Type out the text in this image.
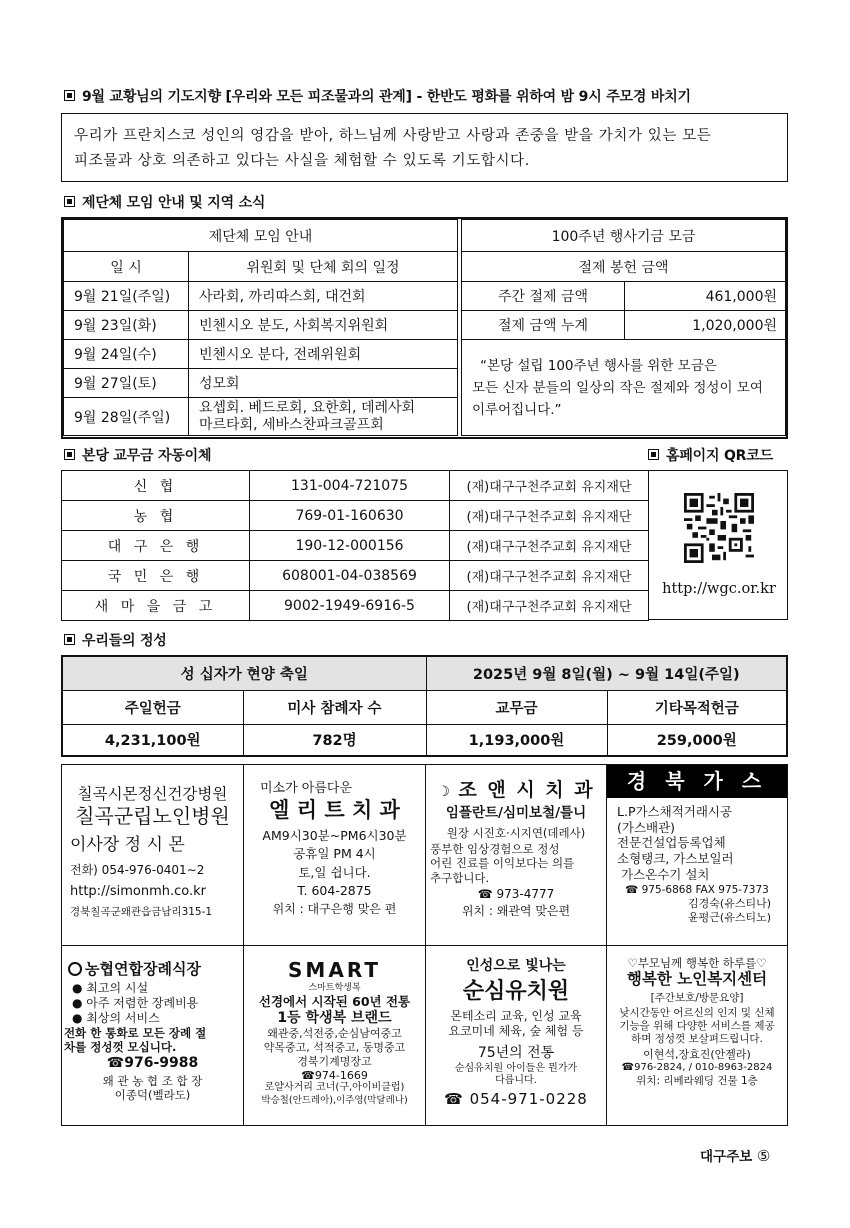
9월 교황님의 기도지향 [우리와 모든 피조물과의 관계] - 한반도 평화를 위하여 밤 9시 주모경 바치기
우리가 프란치스코 성인의 영감을 받아, 하느님께 사랑받고 사랑과 존중을 받을 가치가 있는 모든
피조물과 상호 의존하고 있다는 사실을 체험할 수 있도록 기도합시다.
제단체 모임 안내 및 지역 소식
제단체 모임 안내	
일 시	위원회 및 단체 회의 일정
9월 21일(주일)	사라회, 까리따스회, 대건회
9월 23일(화)	빈첸시오 분도, 사회복지위원회
9월 24일(수)	빈첸시오 분다, 전례위원회
9월 27일(토)	성모회
9월 28일(주일)	요셉회. 베드로회, 요한회, 데레사회
마르타회, 세바스찬파크골프회
100주년 행사기금 모금	
절제 봉헌 금액	
주간 절제 금액	461,000원
절제 금액 누계	1,020,000원

“본당 설립 100주년 행사를 위한 모금은
모든 신자 분들의 일상의 작은 절제와 정성이 모여
이루어집니다.”	
본당 교무금 자동이체	홈페이지 QR코드
신 협	131-004-721075	(재)대구구천주교회 유지재단
농 협	769-01-160630	(재)대구구천주교회 유지재단
대 구 은 행	190-12-000156	(재)대구구천주교회 유지재단
국 민 은 행	608001-04-038569	(재)대구구천주교회 유지재단
새 마 을 금 고	9002-1949-6916-5	(재)대구구천주교회 유지재단
http://wgc.or.kr
우리들의 정성
성 십자가 현양 축일		2025년 9월 8일(월) ~ 9월 14일(주일)	
주일헌금	미사 참례자 수	교무금	기타목적헌금
4,231,100원	782명	1,193,000원	259,000원
칠곡시몬정신건강병원
칠곡군립노인병원
이사장 정 시 몬
전화) 054-976-0401∼2
http://simonmh.co.kr
경북칠곡군왜관읍금남리315-1
미소가 아름다운
엘 리 트 치 과
AM9시30분~PM6시30분
공휴일 PM 4시
토,일 쉽니다.
T. 604-2875
위치 : 대구은행 맞은 편
☽ 조 앤 시 치 과
임플란트/심미보철/틀니
원장 시진호·시지연(데레사)
풍부한 임상경험으로 정성
어린 진료를 이익보다는 의를
추구합니다.
☎ 973-4777
위치 : 왜관역 맞은편
경 북 가 스
L.P가스채적거래시공
(가스배관)
전문건설업등록업체
소형탱크, 가스보일러
가스온수기 설치
☎ 975-6868 FAX 975-7373
김경숙(유스티나)
윤평근(유스티노)
농협연합장례식장
● 최고의 시설
● 아주 저렴한 장례비용
● 최상의 서비스
전화 한 통화로 모든 장례 절
차를 정성껏 모십니다.
☎976-9988
왜 관 농 협 조 합 장
이종덕(벨라도)
SMART
스마트학생복
선경에서 시작된 60년 전통
1등 학생복 브랜드
왜관중,석전중,순심남여중고
약목중고, 석적중고, 동명중고
경북기계명장고
☎974-1669
로얄사거리 코너(구,아이비클럽)
박승철(안드레아),이주영(막달레나)
인성으로 빛나는
순심유치원
몬테소리 교육, 인성 교육
요코미네 체육, 숲 체험 등
75년의 전통
순심유치원 아이들은 뭔가가
다릅니다.
☎ 054-971-0228
♡부모님께 행복한 하루를♡
행복한 노인복지센터
[주간보호/방문요양]
낮시간동안 어르신의 인지 및 신체
기능을 위해 다양한 서비스를 제공
하며 정성껏 보살펴드립니다.
이현석,장효진(안젤라)
☎976-2824, / 010-8963-2824
위치: 리베라웨딩 건물 1층
대구주보 ⑤
